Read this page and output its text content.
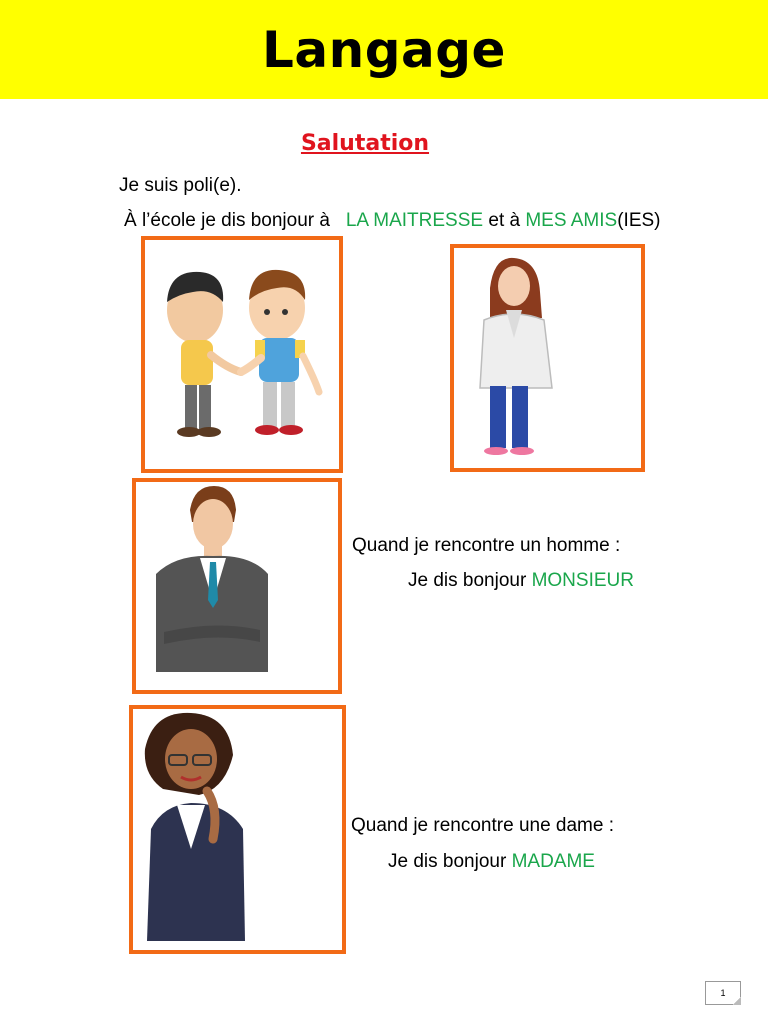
Langage
Salutation
Je suis poli(e).
À l’école je dis bonjour à LA MAITRESSE et à MES AMIS(IES)
Quand je rencontre un homme :
Je dis bonjour MONSIEUR
Quand je rencontre une dame :
Je dis bonjour MADAME
1
